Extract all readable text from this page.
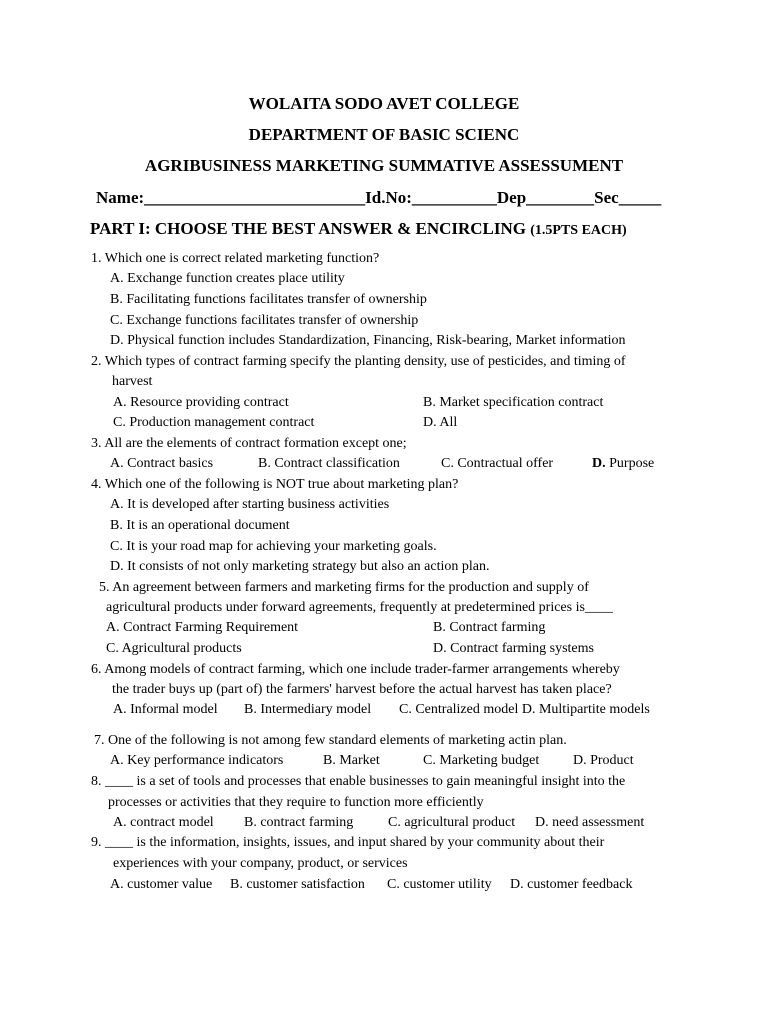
WOLAITA SODO AVET COLLEGE
DEPARTMENT OF BASIC SCIENC
AGRIBUSINESS MARKETING SUMMATIVE ASSESSUMENT
Name:__________________________Id.No:__________Dep________Sec_____
PART I: CHOOSE THE BEST ANSWER & ENCIRCLING (1.5PTS EACH)
1. Which one is correct related marketing function?
A. Exchange function creates place utility
B. Facilitating functions facilitates transfer of ownership
C. Exchange functions facilitates transfer of ownership
D. Physical function includes Standardization, Financing, Risk-bearing, Market information
2. Which types of contract farming specify the planting density, use of pesticides, and timing of
harvest
A. Resource providing contract	B. Market specification contract
C. Production management contract	D. All
3. All are the elements of contract formation except one;
A. Contract basics	B. Contract classification	C. Contractual offer	D. Purpose
4. Which one of the following is NOT true about marketing plan?
A. It is developed after starting business activities
B. It is an operational document
C. It is your road map for achieving your marketing goals.
D. It consists of not only marketing strategy but also an action plan.
5. An agreement between farmers and marketing firms for the production and supply of
agricultural products under forward agreements, frequently at predetermined prices is____
A. Contract Farming Requirement	B. Contract farming
C. Agricultural products	D. Contract farming systems
6. Among models of contract farming, which one include trader-farmer arrangements whereby
the trader buys up (part of) the farmers' harvest before the actual harvest has taken place?
A. Informal model B. Intermediary model C. Centralized model D. Multipartite models
7. One of the following is not among few standard elements of marketing actin plan.
A. Key performance indicators	B. Market	C. Marketing budget D. Product
8. ____ is a set of tools and processes that enable businesses to gain meaningful insight into the
processes or activities that they require to function more efficiently
A. contract model B. contract farming C. agricultural product D. need assessment
9. ____ is the information, insights, issues, and input shared by your community about their
experiences with your company, product, or services
A. customer value B. customer satisfaction C. customer utility D. customer feedback
